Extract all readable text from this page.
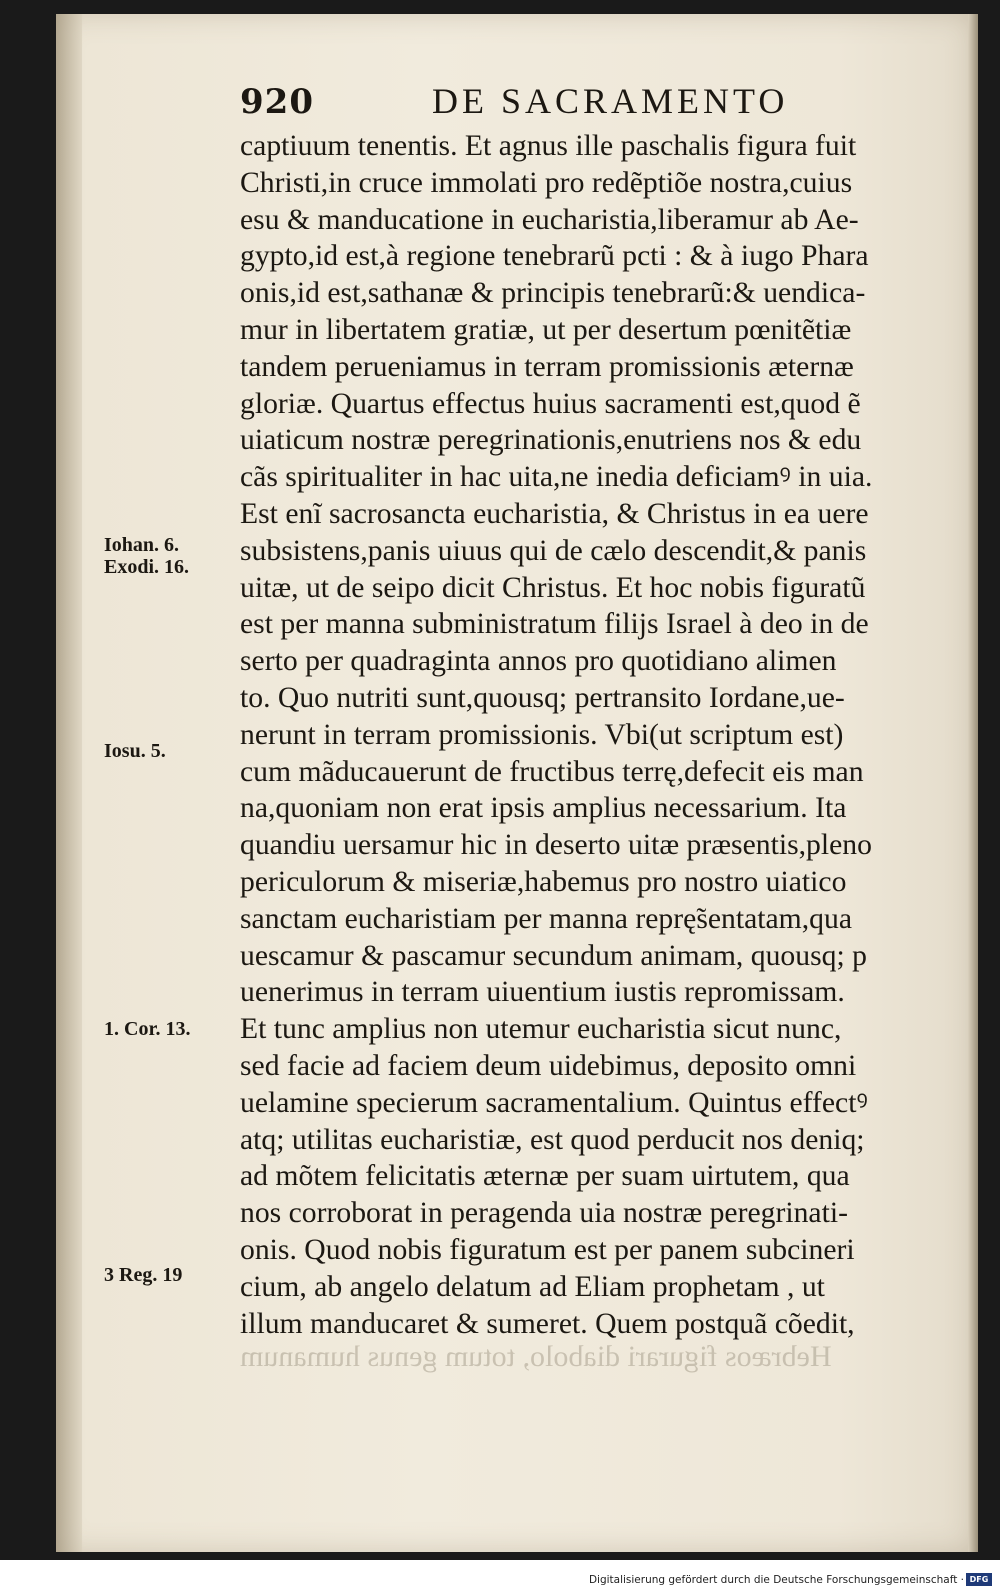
920	DE SACRAMENTO
Iohan. 6.
Exodi. 16.
Iosu. 5.
1. Cor. 13.
3 Reg. 19
captiuum tenentis. Et agnus ille paschalis figura fuit
Christi,in cruce immolati pro redẽptiõe nostra,cuius
esu & manducatione in eucharistia,liberamur ab Ae-
gypto,id est,à regione tenebrarũ pcti : & à iugo Phara
onis,id est,sathanæ & principis tenebrarũ:& uendica-
mur in libertatem gratiæ, ut per desertum pœnitẽtiæ
tandem perueniamus in terram promissionis æternæ
gloriæ. Quartus effectus huius sacramenti est,quod ẽ
uiaticum nostræ peregrinationis,enutriens nos & edu
cãs spiritualiter in hac uita,ne inedia deficiamꝰ in uia.
Est enĩ sacrosancta eucharistia, & Christus in ea uere
subsistens,panis uiuus qui de cælo descendit,& panis
uitæ, ut de seipo dicit Christus. Et hoc nobis figuratũ
est per manna subministratum filijs Israel à deo in de
serto per quadraginta annos pro quotidiano alimen
to. Quo nutriti sunt,quousq; pertransito Iordane,ue-
nerunt in terram promissionis. Vbi(ut scriptum est)
cum mãducauerunt de fructibus terrę,defecit eis man
na,quoniam non erat ipsis amplius necessarium. Ita
quandiu uersamur hic in deserto uitæ præsentis,pleno
periculorum & miseriæ,habemus pro nostro uiatico
sanctam eucharistiam per manna reprę̃sentatam,qua
uescamur & pascamur secundum animam, quousq; p
uenerimus in terram uiuentium iustis repromissam.
Et tunc amplius non utemur eucharistia sicut nunc,
sed facie ad faciem deum uidebimus, deposito omni
uelamine specierum sacramentalium. Quintus effectꝰ
atq; utilitas eucharistiæ, est quod perducit nos deniq;
ad mõtem felicitatis æternæ per suam uirtutem, qua
nos corroborat in peragenda uia nostræ peregrinati-
onis. Quod nobis figuratum est per panem subcineri
cium, ab angelo delatum ad Eliam prophetam , ut
illum manducaret & sumeret. Quem postquã cõedit,
Hebræos figurari diabolo, totum genus humanum
Digitalisierung gefördert durch die Deutsche Forschungsgemeinschaft · DFG
